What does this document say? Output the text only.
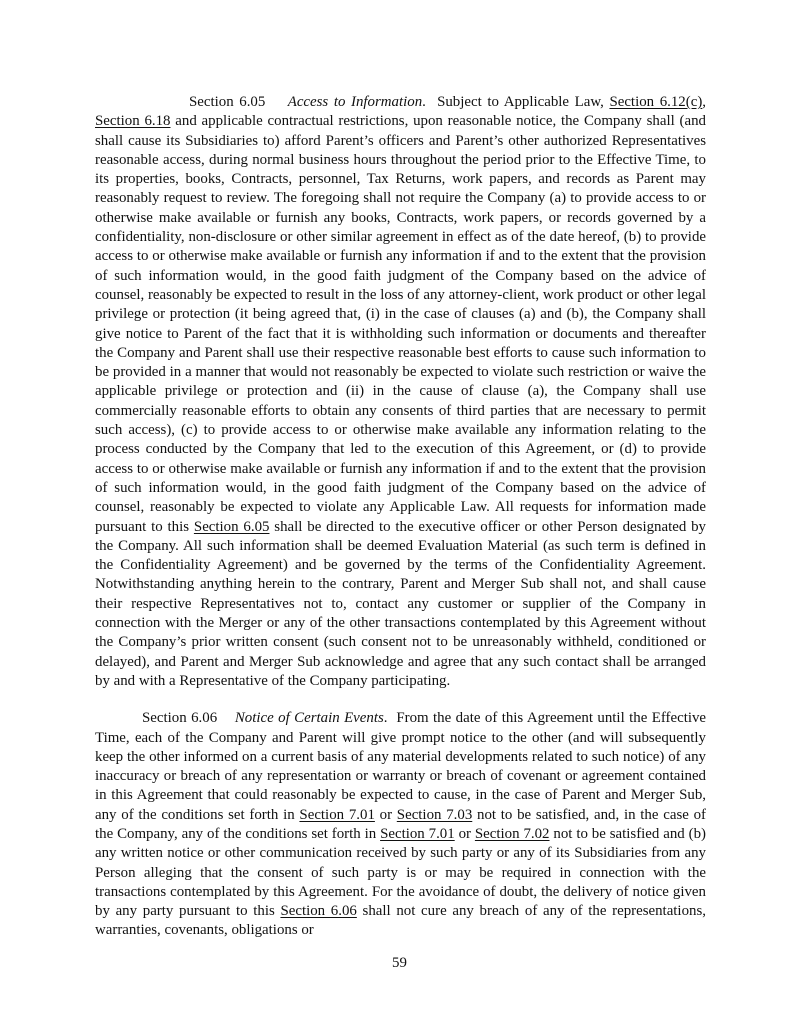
Section 6.05 Access to Information.  Subject to Applicable Law, Section 6.12(c), Section 6.18 and applicable contractual restrictions, upon reasonable notice, the Company shall (and shall cause its Subsidiaries to) afford Parent’s officers and Parent’s other authorized Representatives reasonable access, during normal business hours throughout the period prior to the Effective Time, to its properties, books, Contracts, personnel, Tax Returns, work papers, and records as Parent may reasonably request to review. The foregoing shall not require the Company (a) to provide access to or otherwise make available or furnish any books, Contracts, work papers, or records governed by a confidentiality, non-disclosure or other similar agreement in effect as of the date hereof, (b) to provide access to or otherwise make available or furnish any information if and to the extent that the provision of such information would, in the good faith judgment of the Company based on the advice of counsel, reasonably be expected to result in the loss of any attorney-client, work product or other legal privilege or protection (it being agreed that, (i) in the case of clauses (a) and (b), the Company shall give notice to Parent of the fact that it is withholding such information or documents and thereafter the Company and Parent shall use their respective reasonable best efforts to cause such information to be provided in a manner that would not reasonably be expected to violate such restriction or waive the applicable privilege or protection and (ii) in the cause of clause (a), the Company shall use commercially reasonable efforts to obtain any consents of third parties that are necessary to permit such access), (c) to provide access to or otherwise make available any information relating to the process conducted by the Company that led to the execution of this Agreement, or (d) to provide access to or otherwise make available or furnish any information if and to the extent that the provision of such information would, in the good faith judgment of the Company based on the advice of counsel, reasonably be expected to violate any Applicable Law. All requests for information made pursuant to this Section 6.05 shall be directed to the executive officer or other Person designated by the Company. All such information shall be deemed Evaluation Material (as such term is defined in the Confidentiality Agreement) and be governed by the terms of the Confidentiality Agreement. Notwithstanding anything herein to the contrary, Parent and Merger Sub shall not, and shall cause their respective Representatives not to, contact any customer or supplier of the Company in connection with the Merger or any of the other transactions contemplated by this Agreement without the Company’s prior written consent (such consent not to be unreasonably withheld, conditioned or delayed), and Parent and Merger Sub acknowledge and agree that any such contact shall be arranged by and with a Representative of the Company participating.

Section 6.06 Notice of Certain Events.  From the date of this Agreement until the Effective Time, each of the Company and Parent will give prompt notice to the other (and will subsequently keep the other informed on a current basis of any material developments related to such notice) of any inaccuracy or breach of any representation or warranty or breach of covenant or agreement contained in this Agreement that could reasonably be expected to cause, in the case of Parent and Merger Sub, any of the conditions set forth in Section 7.01 or Section 7.03 not to be satisfied, and, in the case of the Company, any of the conditions set forth in Section 7.01 or Section 7.02 not to be satisfied and (b) any written notice or other communication received by such party or any of its Subsidiaries from any Person alleging that the consent of such party is or may be required in connection with the transactions contemplated by this Agreement. For the avoidance of doubt, the delivery of notice given by any party pursuant to this Section 6.06 shall not cure any breach of any of the representations, warranties, covenants, obligations or

59
